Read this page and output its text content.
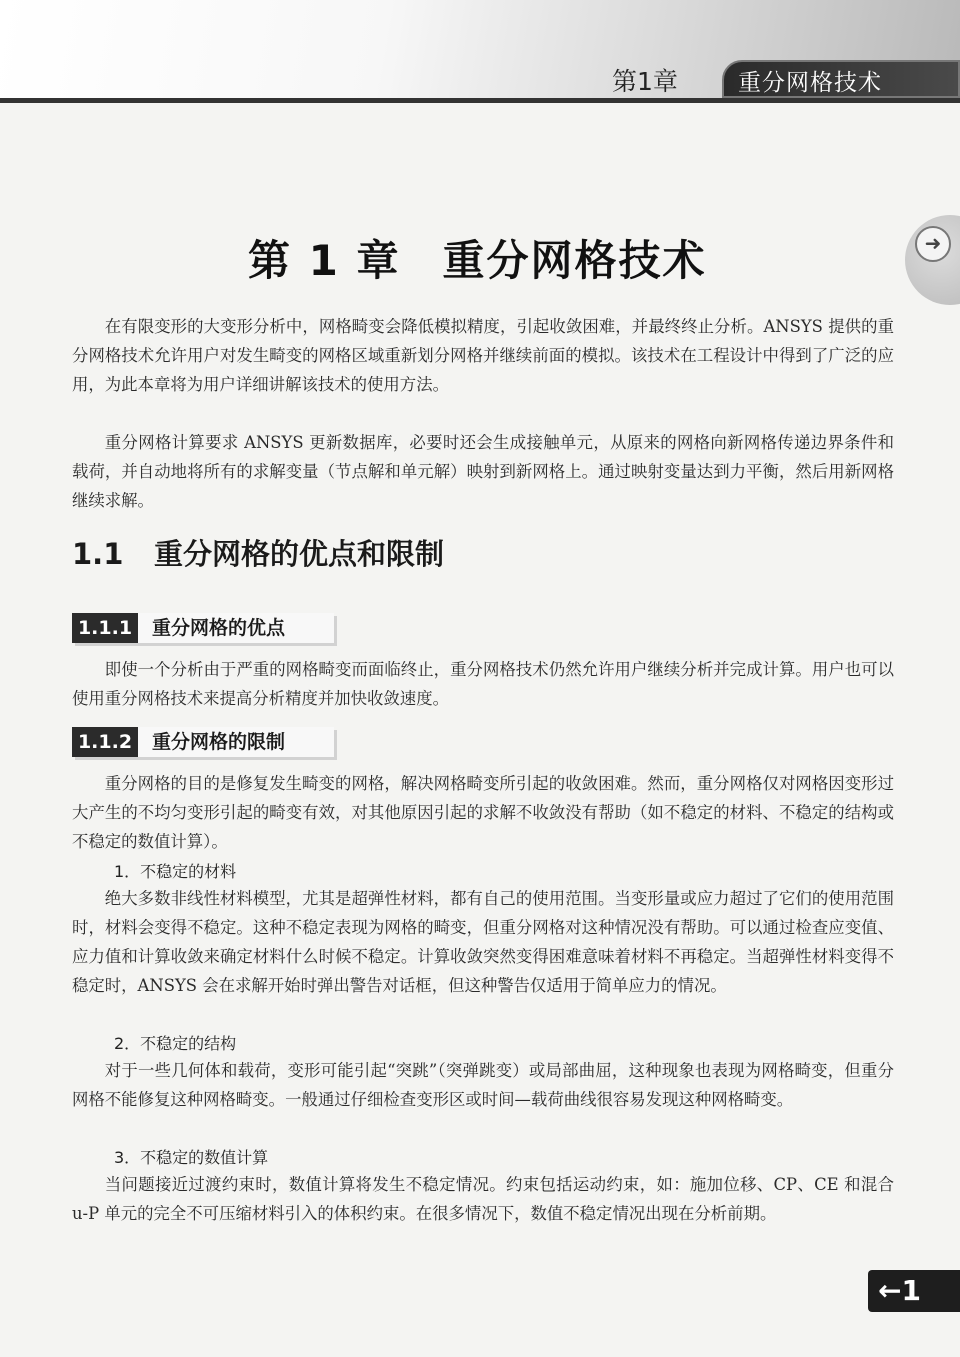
第1章	重分网格技术
➜
第 1 章 重分网格技术

在有限变形的大变形分析中，网格畸变会降低模拟精度，引起收敛困难，并最终终止分析。ANSYS 提供的重分网格技术允许用户对发生畸变的网格区域重新划分网格并继续前面的模拟。该技术在工程设计中得到了广泛的应用，为此本章将为用户详细讲解该技术的使用方法。

重分网格计算要求 ANSYS 更新数据库，必要时还会生成接触单元，从原来的网格向新网格传递边界条件和载荷，并自动地将所有的求解变量（节点解和单元解）映射到新网格上。通过映射变量达到力平衡，然后用新网格继续求解。

1.1 重分网格的优点和限制
1.1.1	重分网格的优点

即使一个分析由于严重的网格畸变而面临终止，重分网格技术仍然允许用户继续分析并完成计算。用户也可以使用重分网格技术来提高分析精度并加快收敛速度。

1.1.2	重分网格的限制

重分网格的目的是修复发生畸变的网格，解决网格畸变所引起的收敛困难。然而，重分网格仅对网格因变形过大产生的不均匀变形引起的畸变有效，对其他原因引起的求解不收敛没有帮助（如不稳定的材料、不稳定的结构或不稳定的数值计算）。

1．不稳定的材料

绝大多数非线性材料模型，尤其是超弹性材料，都有自己的使用范围。当变形量或应力超过了它们的使用范围时，材料会变得不稳定。这种不稳定表现为网格的畸变，但重分网格对这种情况没有帮助。可以通过检查应变值、应力值和计算收敛来确定材料什么时候不稳定。计算收敛突然变得困难意味着材料不再稳定。当超弹性材料变得不稳定时，ANSYS 会在求解开始时弹出警告对话框，但这种警告仅适用于简单应力的情况。

2．不稳定的结构

对于一些几何体和载荷，变形可能引起“突跳”（突弹跳变）或局部曲屈，这种现象也表现为网格畸变，但重分网格不能修复这种网格畸变。一般通过仔细检查变形区或时间—载荷曲线很容易发现这种网格畸变。

3．不稳定的数值计算

当问题接近过渡约束时，数值计算将发生不稳定情况。约束包括运动约束，如：施加位移、CP、CE 和混合 u-P 单元的完全不可压缩材料引入的体积约束。在很多情况下，数值不稳定情况出现在分析前期。

←1
